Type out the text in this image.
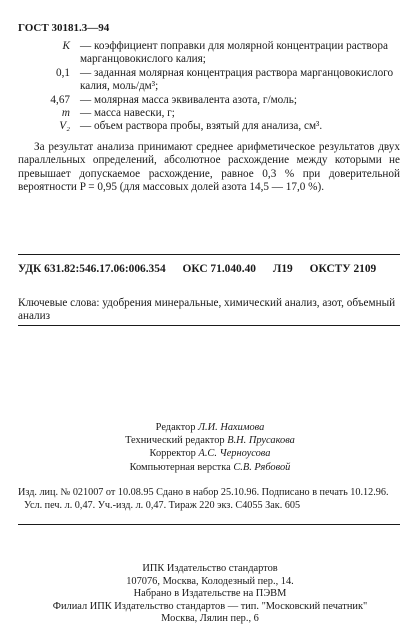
ГОСТ 30181.3—94
K — коэффициент поправки для молярной концентрации раствора марганцовокислого калия;
0,1 — заданная молярная концентрация раствора марганцовокислого калия, моль/дм³;
4,67 — молярная масса эквивалента азота, г/моль;
m — масса навески, г;
V₂ — объем раствора пробы, взятый для анализа, см³.

За результат анализа принимают среднее арифметическое результатов двух параллельных определений, абсолютное расхождение между которыми не превышает допускаемое расхождение, равное 0,3 % при доверительной вероятности P = 0,95 (для массовых долей азота 14,5 — 17,0 %).

УДК 631.82:546.17.06:006.354 ОКС 71.040.40 Л19 ОКСТУ 2109

Ключевые слова: удобрения минеральные, химический анализ, азот, объемный анализ

Редактор Л.И. Нахимова
Технический редактор В.Н. Прусакова
Корректор А.С. Черноусова
Компьютерная верстка С.В. Рябовой
Изд. лиц. № 021007 от 10.08.95 Сдано в набор 25.10.96. Подписано в печать 10.12.96.
Усл. печ. л. 0,47. Уч.-изд. л. 0,47. Тираж 220 экз. С4055 Зак. 605
ИПК Издательство стандартов
107076, Москва, Колодезный пер., 14.
Набрано в Издательстве на ПЭВМ
Филиал ИПК Издательство стандартов — тип. "Московский печатник"
Москва, Лялин пер., 6
